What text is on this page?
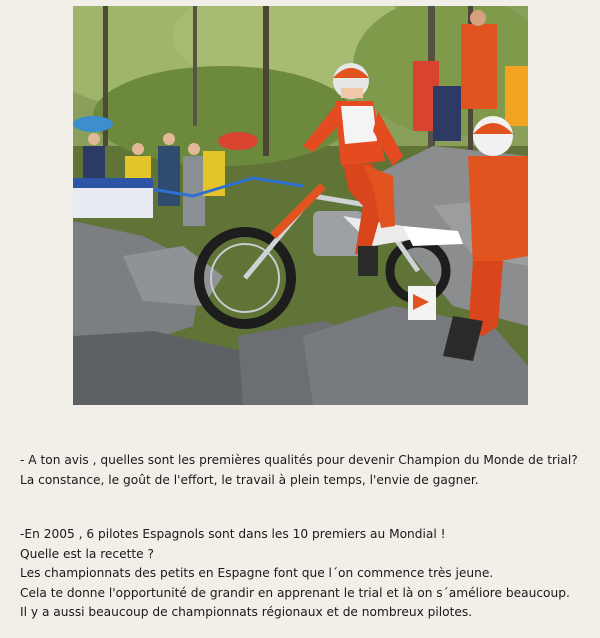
- A ton avis , quelles sont les premières qualités pour devenir Champion du Monde de trial?

La constance, le goût de l'effort, le travail à plein temps, l'envie de gagner.

-En 2005 , 6 pilotes Espagnols sont dans les 10 premiers au Mondial !

Quelle est la recette ?

Les championnats des petits en Espagne font que l´on commence très jeune.

Cela te donne l'opportunité de grandir en apprenant le trial et là on s´améliore beaucoup.

Il y a aussi beaucoup de championnats régionaux et de nombreux pilotes.
